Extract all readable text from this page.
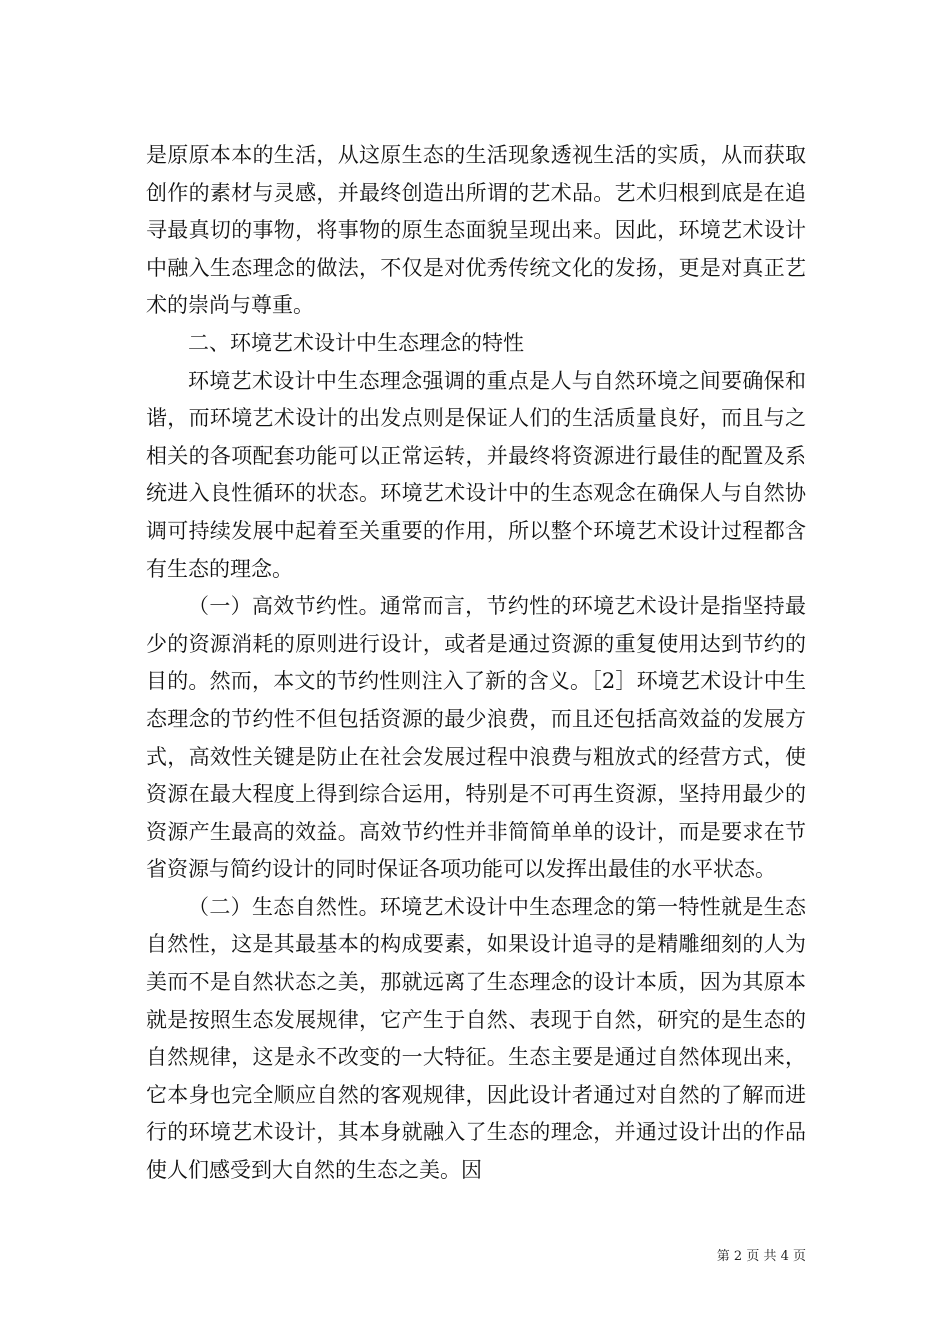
是原原本本的生活，从这原生态的生活现象透视生活的实质，从而获取创作的素材与灵感，并最终创造出所谓的艺术品。艺术归根到底是在追寻最真切的事物，将事物的原生态面貌呈现出来。因此，环境艺术设计中融入生态理念的做法，不仅是对优秀传统文化的发扬，更是对真正艺术的崇尚与尊重。

二、环境艺术设计中生态理念的特性

环境艺术设计中生态理念强调的重点是人与自然环境之间要确保和谐，而环境艺术设计的出发点则是保证人们的生活质量良好，而且与之相关的各项配套功能可以正常运转，并最终将资源进行最佳的配置及系统进入良性循环的状态。环境艺术设计中的生态观念在确保人与自然协调可持续发展中起着至关重要的作用，所以整个环境艺术设计过程都含有生态的理念。

（一）高效节约性。通常而言，节约性的环境艺术设计是指坚持最少的资源消耗的原则进行设计，或者是通过资源的重复使用达到节约的目的。然而，本文的节约性则注入了新的含义。［2］环境艺术设计中生态理念的节约性不但包括资源的最少浪费，而且还包括高效益的发展方式，高效性关键是防止在社会发展过程中浪费与粗放式的经营方式，使资源在最大程度上得到综合运用，特别是不可再生资源，坚持用最少的资源产生最高的效益。高效节约性并非简简单单的设计，而是要求在节省资源与简约设计的同时保证各项功能可以发挥出最佳的水平状态。

（二）生态自然性。环境艺术设计中生态理念的第一特性就是生态自然性，这是其最基本的构成要素，如果设计追寻的是精雕细刻的人为美而不是自然状态之美，那就远离了生态理念的设计本质，因为其原本就是按照生态发展规律，它产生于自然、表现于自然，研究的是生态的自然规律，这是永不改变的一大特征。生态主要是通过自然体现出来，它本身也完全顺应自然的客观规律，因此设计者通过对自然的了解而进行的环境艺术设计，其本身就融入了生态的理念，并通过设计出的作品使人们感受到大自然的生态之美。因

第 2 页 共 4 页
